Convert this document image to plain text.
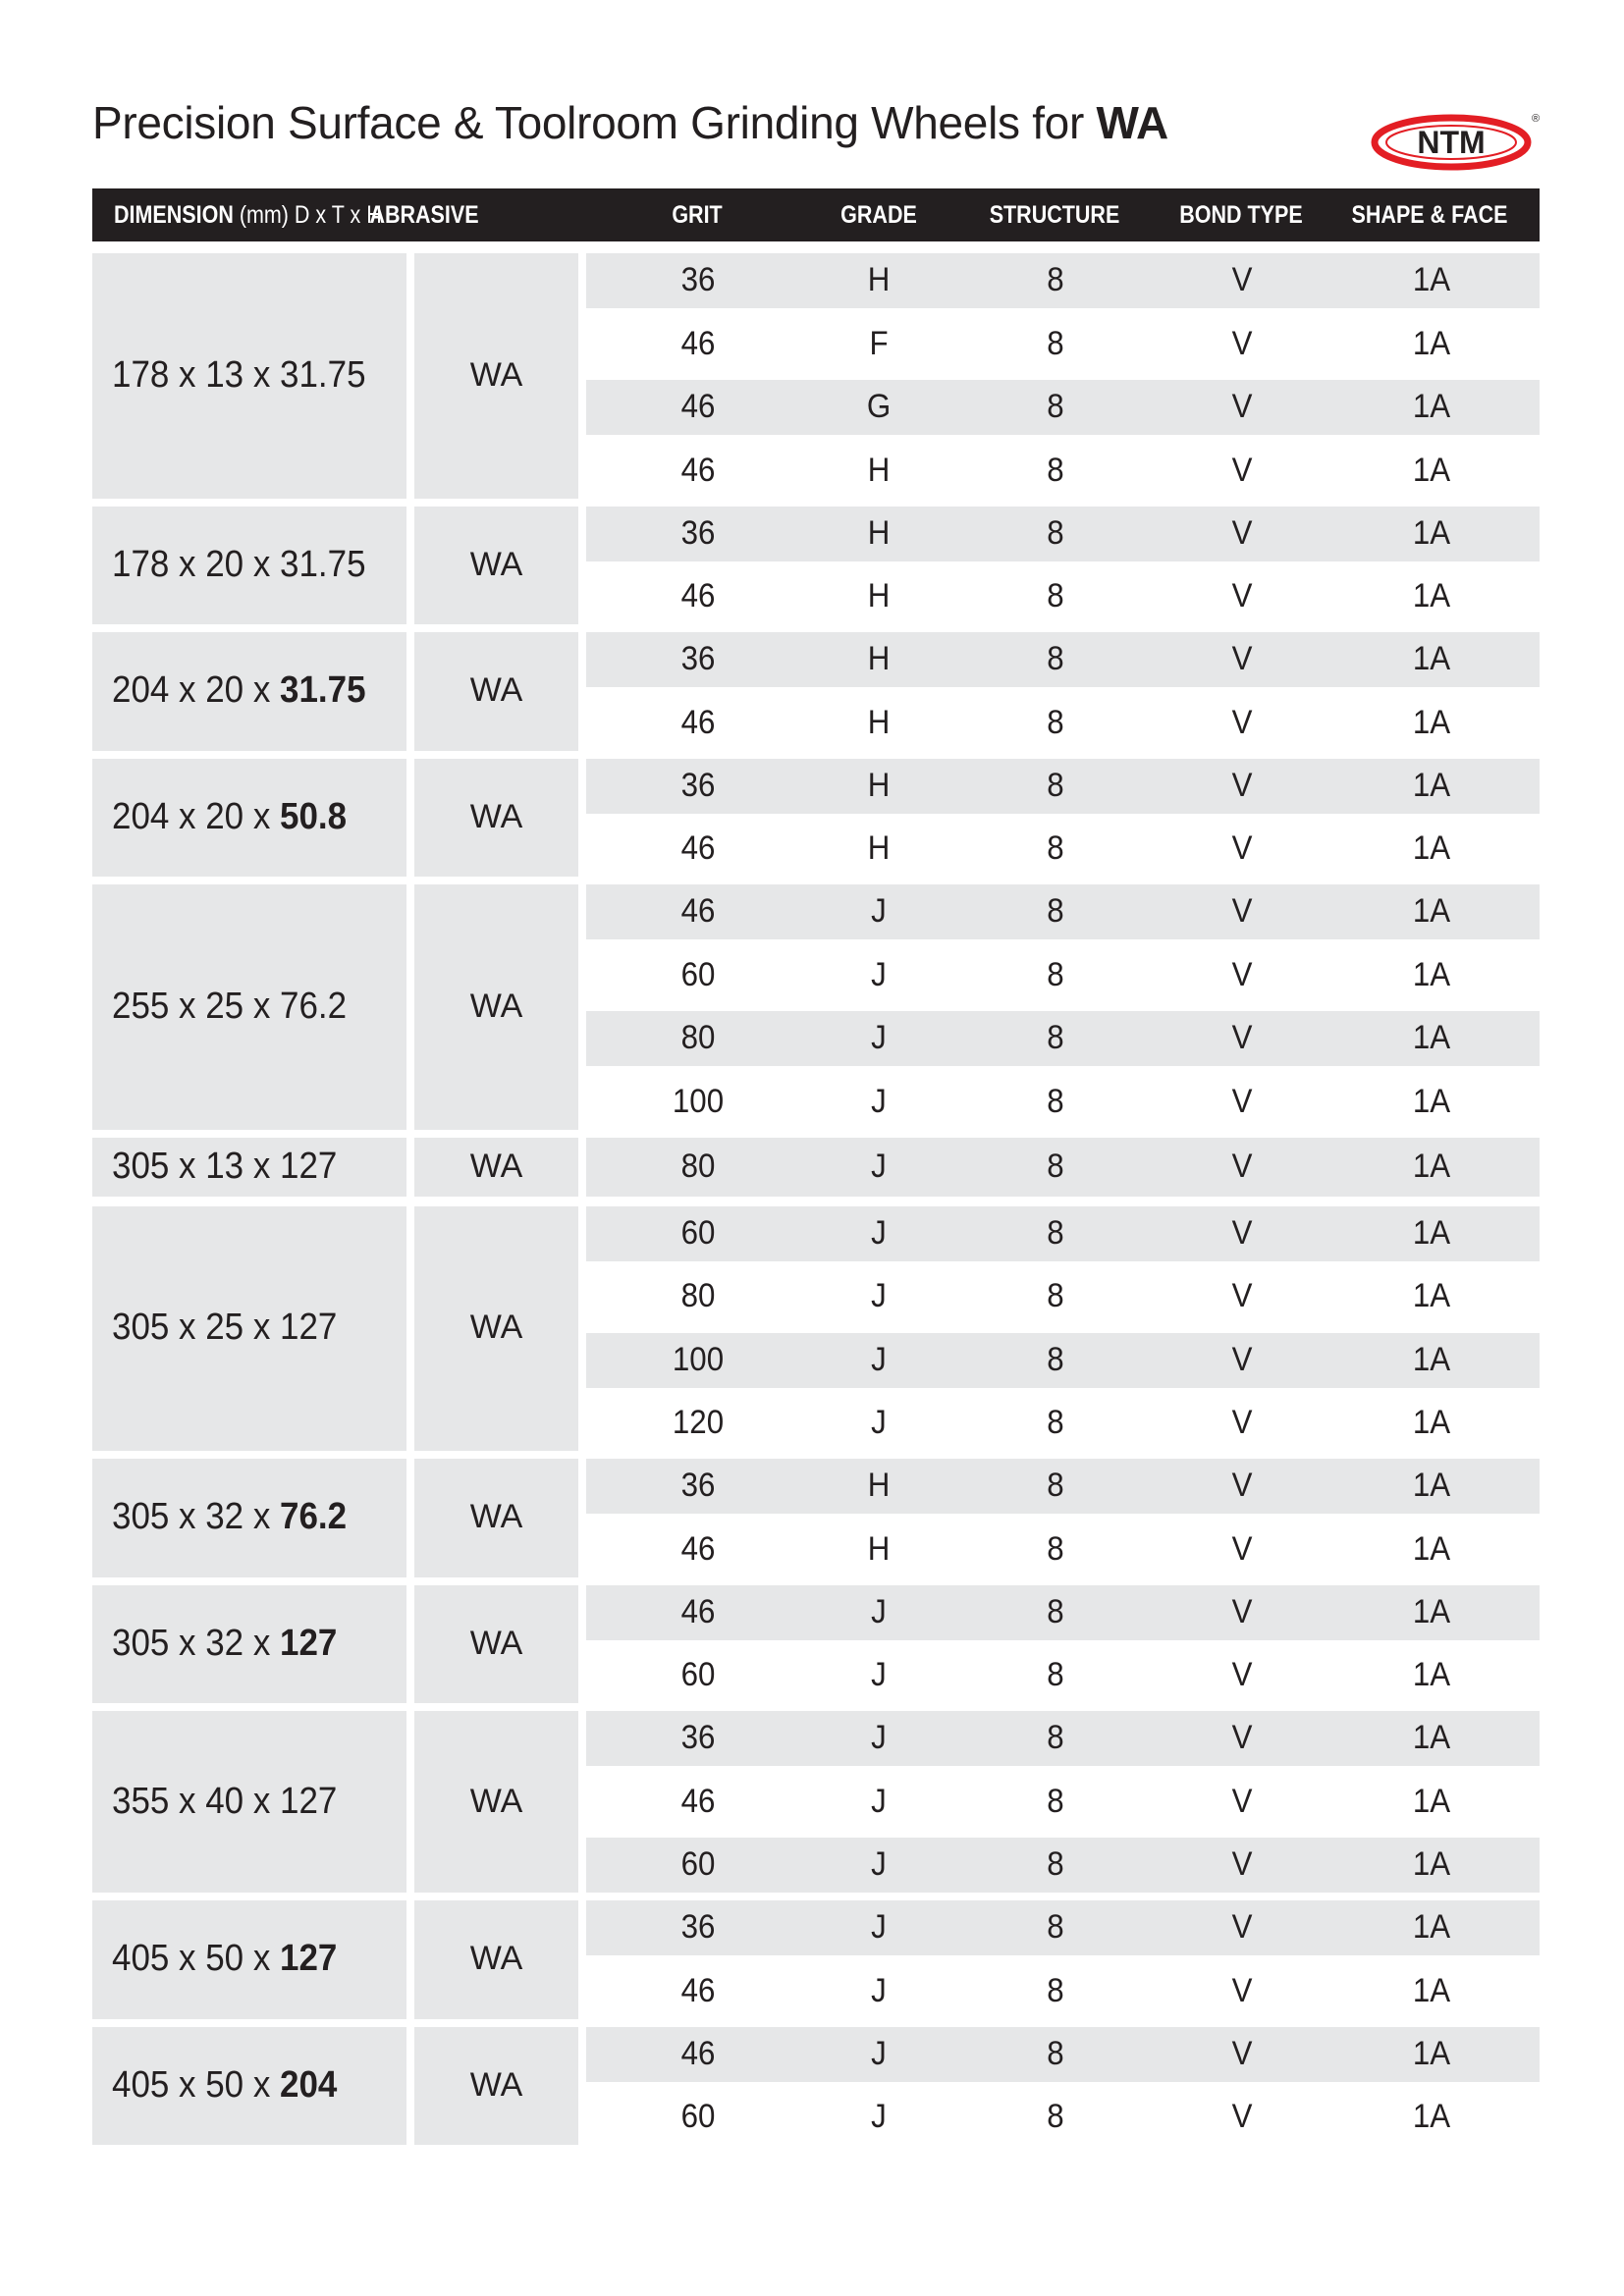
Precision Surface & Toolroom Grinding Wheels for WA	NTM
®
DIMENSION (mm) D x T x H
ABRASIVE	GRIT	GRADE	STRUCTURE	BOND TYPE	SHAPE & FACE
178 x 13 x 31.75	WA
36	H	8	V	1A
46	F	8	V	1A
46	G	8	V	1A
46	H	8	V	1A
178 x 20 x 31.75	WA
36	H	8	V	1A
46	H	8	V	1A
204 x 20 x 31.75	WA
36	H	8	V	1A
46	H	8	V	1A
204 x 20 x 50.8	WA
36	H	8	V	1A
46	H	8	V	1A
255 x 25 x 76.2	WA
46	J	8	V	1A
60	J	8	V	1A
80	J	8	V	1A
100	J	8	V	1A
305 x 13 x 127	WA	80	J	8	V	1A
305 x 25 x 127	WA
60	J	8	V	1A
80	J	8	V	1A
100	J	8	V	1A
120	J	8	V	1A
305 x 32 x 76.2	WA
36	H	8	V	1A
46	H	8	V	1A
305 x 32 x 127	WA
46	J	8	V	1A
60	J	8	V	1A
355 x 40 x 127	WA
36	J	8	V	1A
46	J	8	V	1A
60	J	8	V	1A
405 x 50 x 127	WA
36	J	8	V	1A
46	J	8	V	1A
405 x 50 x 204	WA
46	J	8	V	1A
60	J	8	V	1A
